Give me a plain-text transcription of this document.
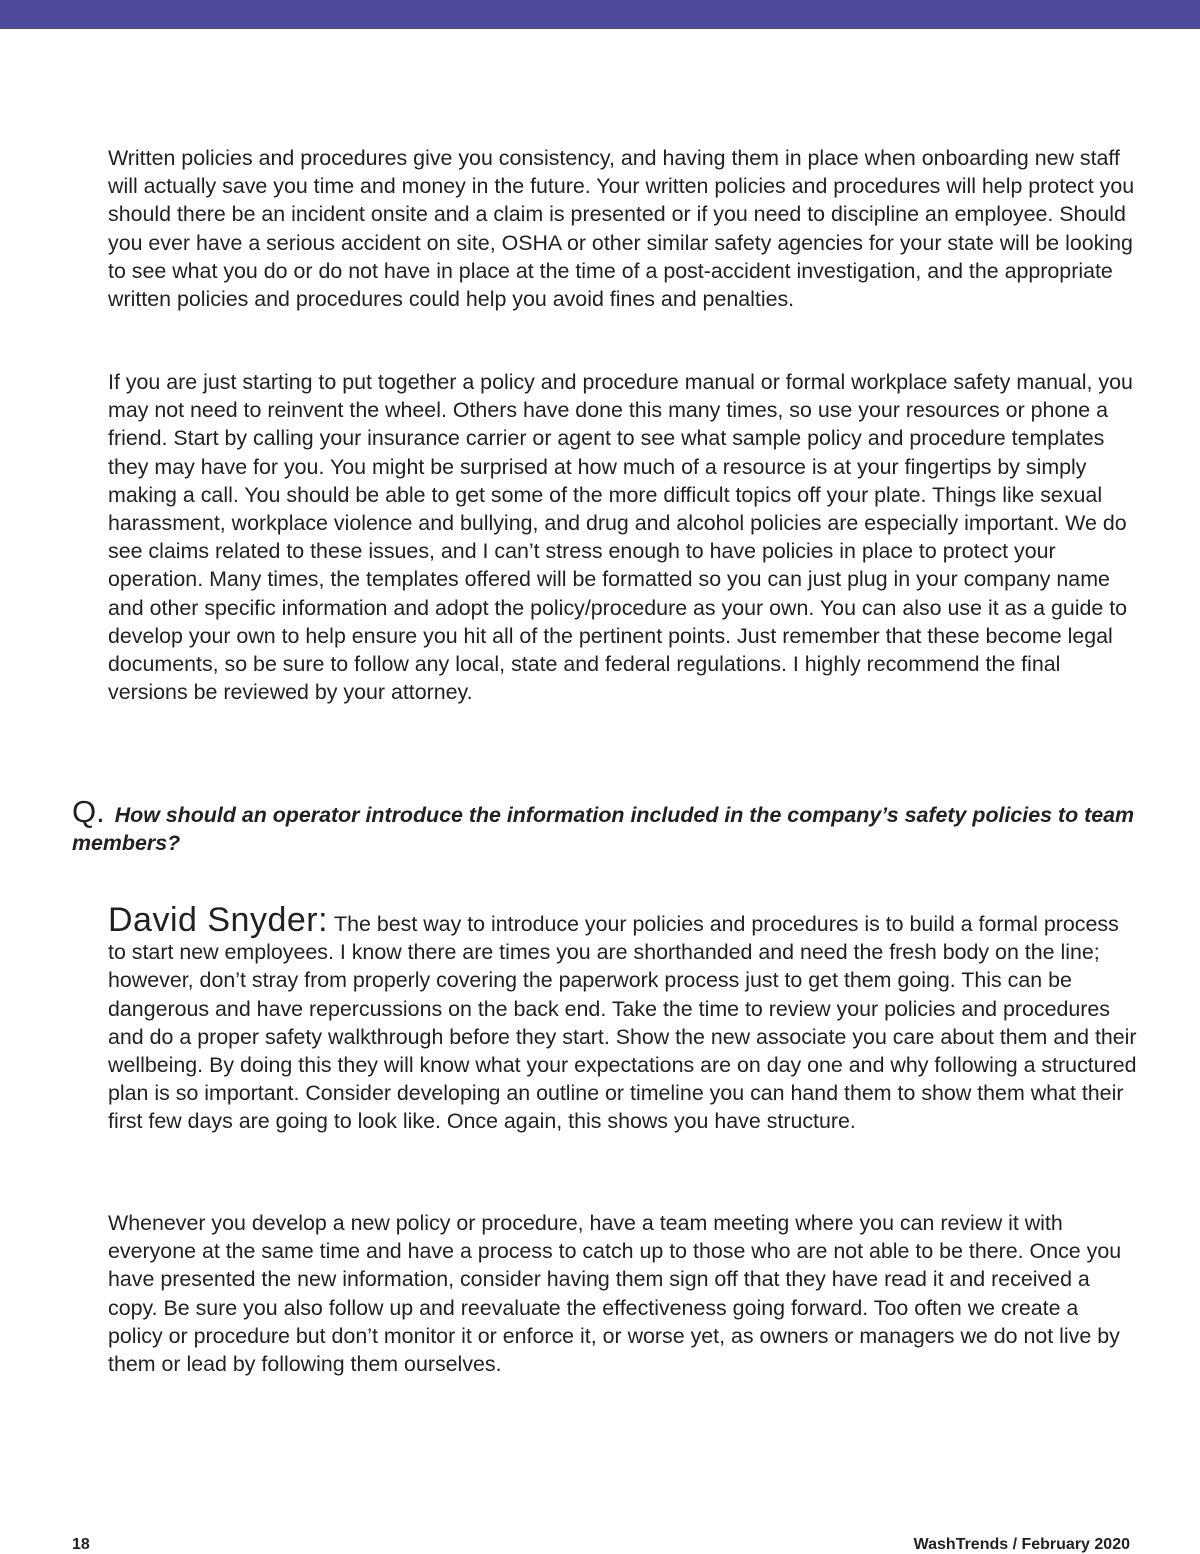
Written policies and procedures give you consistency, and having them in place when onboarding new staff will actually save you time and money in the future. Your written policies and procedures will help protect you should there be an incident onsite and a claim is presented or if you need to discipline an employee. Should you ever have a serious accident on site, OSHA or other similar safety agencies for your state will be looking to see what you do or do not have in place at the time of a post-accident investigation, and the appropriate written policies and procedures could help you avoid fines and penalties.

If you are just starting to put together a policy and procedure manual or formal workplace safety manual, you may not need to reinvent the wheel. Others have done this many times, so use your resources or phone a friend. Start by calling your insurance carrier or agent to see what sample policy and procedure templates they may have for you. You might be surprised at how much of a resource is at your fingertips by simply making a call. You should be able to get some of the more difficult topics off your plate. Things like sexual harassment, workplace violence and bullying, and drug and alcohol policies are especially important. We do see claims related to these issues, and I can’t stress enough to have policies in place to protect your operation. Many times, the templates offered will be formatted so you can just plug in your company name and other specific information and adopt the policy/procedure as your own. You can also use it as a guide to develop your own to help ensure you hit all of the pertinent points. Just remember that these become legal documents, so be sure to follow any local, state and federal regulations. I highly recommend the final versions be reviewed by your attorney.

Q. How should an operator introduce the information included in the company’s safety policies to team members?

David Snyder: The best way to introduce your policies and procedures is to build a formal process to start new employees. I know there are times you are shorthanded and need the fresh body on the line; however, don’t stray from properly covering the paperwork process just to get them going. This can be dangerous and have repercussions on the back end. Take the time to review your policies and procedures and do a proper safety walkthrough before they start. Show the new associate you care about them and their wellbeing. By doing this they will know what your expectations are on day one and why following a structured plan is so important. Consider developing an outline or timeline you can hand them to show them what their first few days are going to look like. Once again, this shows you have structure.

Whenever you develop a new policy or procedure, have a team meeting where you can review it with everyone at the same time and have a process to catch up to those who are not able to be there. Once you have presented the new information, consider having them sign off that they have read it and received a copy. Be sure you also follow up and reevaluate the effectiveness going forward. Too often we create a policy or procedure but don’t monitor it or enforce it, or worse yet, as owners or managers we do not live by them or lead by following them ourselves.

18	WashTrends / February 2020
